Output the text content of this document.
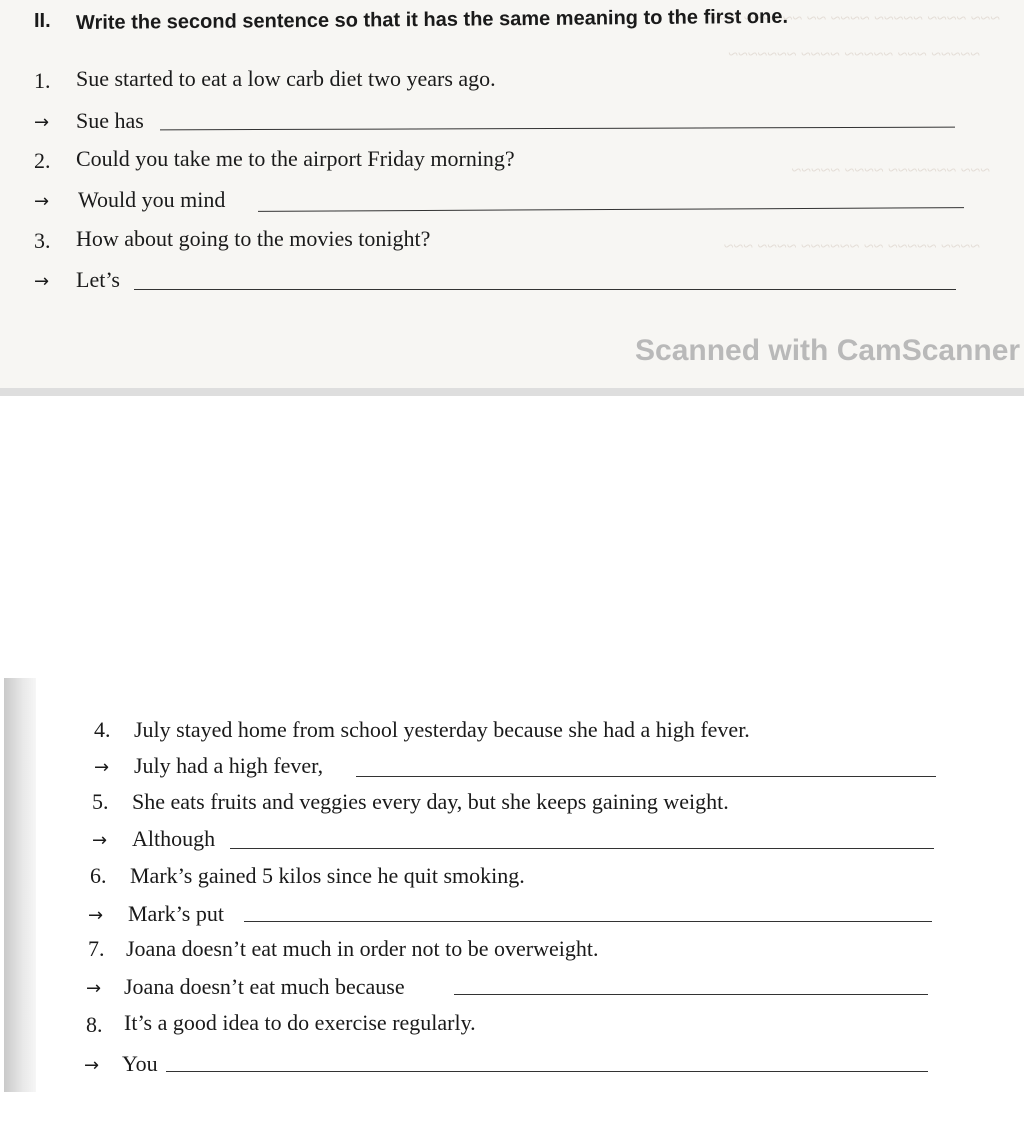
~~~ ~~~~ ~~~~~ ~~~~ ~~ ~~~~~~ ~~~
~~~~~ ~~~ ~~~~~ ~~~~ ~~~~~~~
~~~ ~~~~~~~ ~~~~ ~~~~~
~~~~ ~~~~~ ~~ ~~~~~~ ~~~~ ~~~
II. Write the second sentence so that it has the same meaning to the first one.
1. Sue started to eat a low carb diet two years ago.
→ Sue has
2. Could you take me to the airport Friday morning?
→ Would you mind
3. How about going to the movies tonight?
→ Let’s
Scanned with CamScanner
4. July stayed home from school yesterday because she had a high fever.
→ July had a high fever,
5. She eats fruits and veggies every day, but she keeps gaining weight.
→ Although
6. Mark’s gained 5 kilos since he quit smoking.
→ Mark’s put
7. Joana doesn’t eat much in order not to be overweight.
→ Joana doesn’t eat much because
8. It’s a good idea to do exercise regularly.
→ You
